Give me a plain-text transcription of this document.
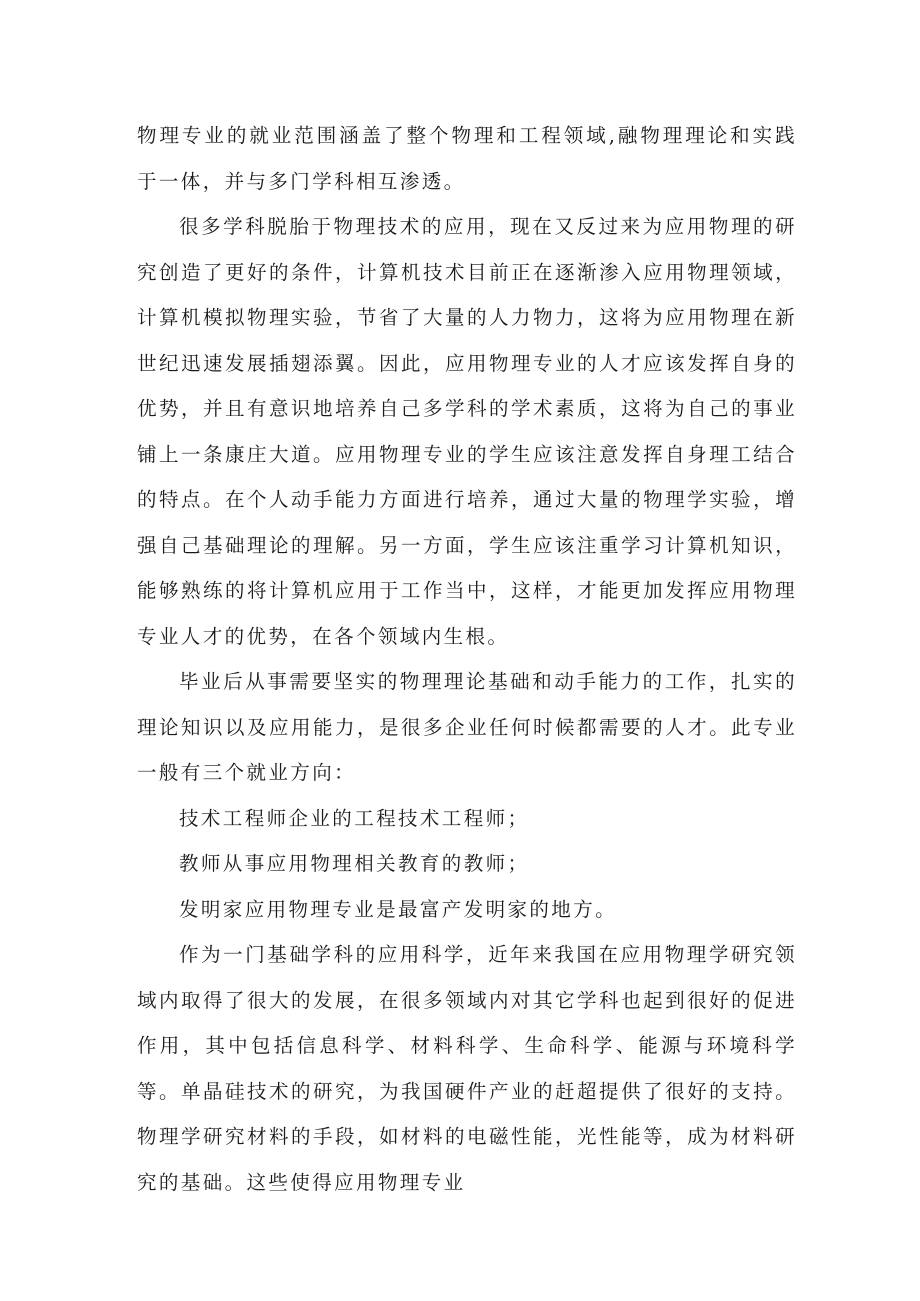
物理专业的就业范围涵盖了整个物理和工程领域,融物理理论和实践于一体，并与多门学科相互渗透。

很多学科脱胎于物理技术的应用，现在又反过来为应用物理的研究创造了更好的条件，计算机技术目前正在逐渐渗入应用物理领域，计算机模拟物理实验，节省了大量的人力物力，这将为应用物理在新世纪迅速发展插翅添翼。因此，应用物理专业的人才应该发挥自身的优势，并且有意识地培养自己多学科的学术素质，这将为自己的事业铺上一条康庄大道。应用物理专业的学生应该注意发挥自身理工结合的特点。在个人动手能力方面进行培养，通过大量的物理学实验，增强自己基础理论的理解。另一方面，学生应该注重学习计算机知识，能够熟练的将计算机应用于工作当中，这样，才能更加发挥应用物理专业人才的优势，在各个领域内生根。

毕业后从事需要坚实的物理理论基础和动手能力的工作，扎实的理论知识以及应用能力，是很多企业任何时候都需要的人才。此专业一般有三个就业方向：

技术工程师企业的工程技术工程师；

教师从事应用物理相关教育的教师；

发明家应用物理专业是最富产发明家的地方。

作为一门基础学科的应用科学，近年来我国在应用物理学研究领域内取得了很大的发展，在很多领域内对其它学科也起到很好的促进作用，其中包括信息科学、材料科学、生命科学、能源与环境科学等。单晶硅技术的研究，为我国硬件产业的赶超提供了很好的支持。物理学研究材料的手段，如材料的电磁性能，光性能等，成为材料研究的基础。这些使得应用物理专业
